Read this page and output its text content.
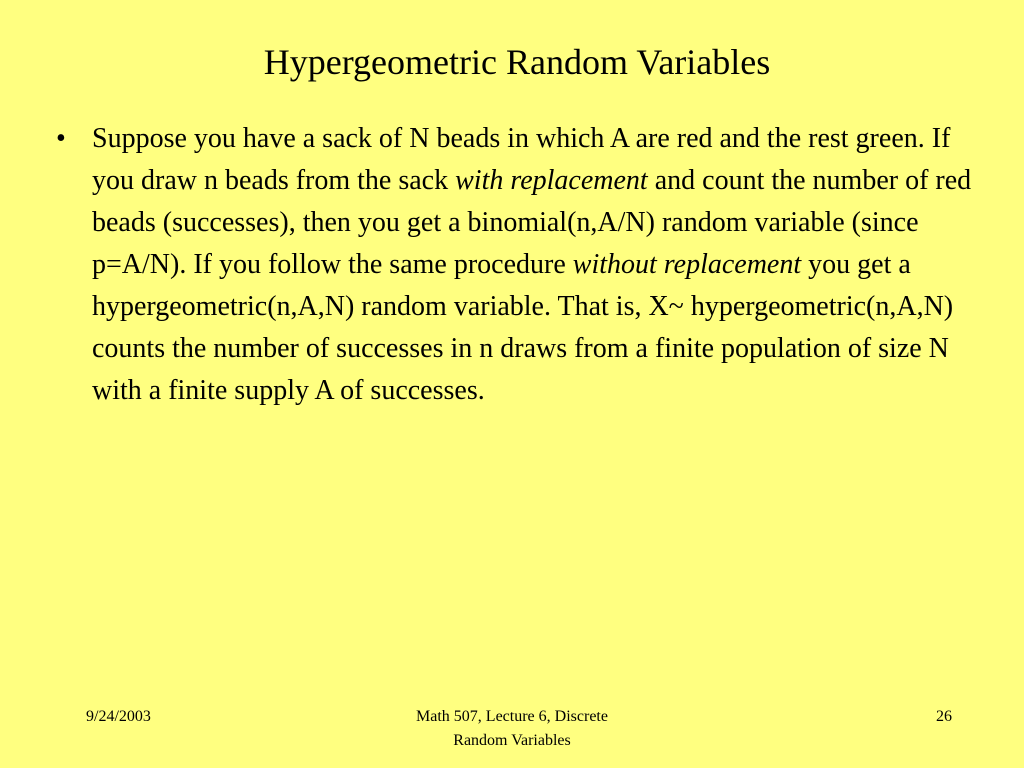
Hypergeometric Random Variables
• Suppose you have a sack of N beads in which A are red and the rest green. If you draw n beads from the sack with replacement and count the number of red beads (successes), then you get a binomial(n,A/N) random variable (since p=A/N). If you follow the same procedure without replacement you get a hypergeometric(n,A,N) random variable. That is, X~ hypergeometric(n,A,N) counts the number of successes in n draws from a finite population of size N with a finite supply A of successes.
9/24/2003	Math 507, Lecture 6, Discrete
Random Variables
26
